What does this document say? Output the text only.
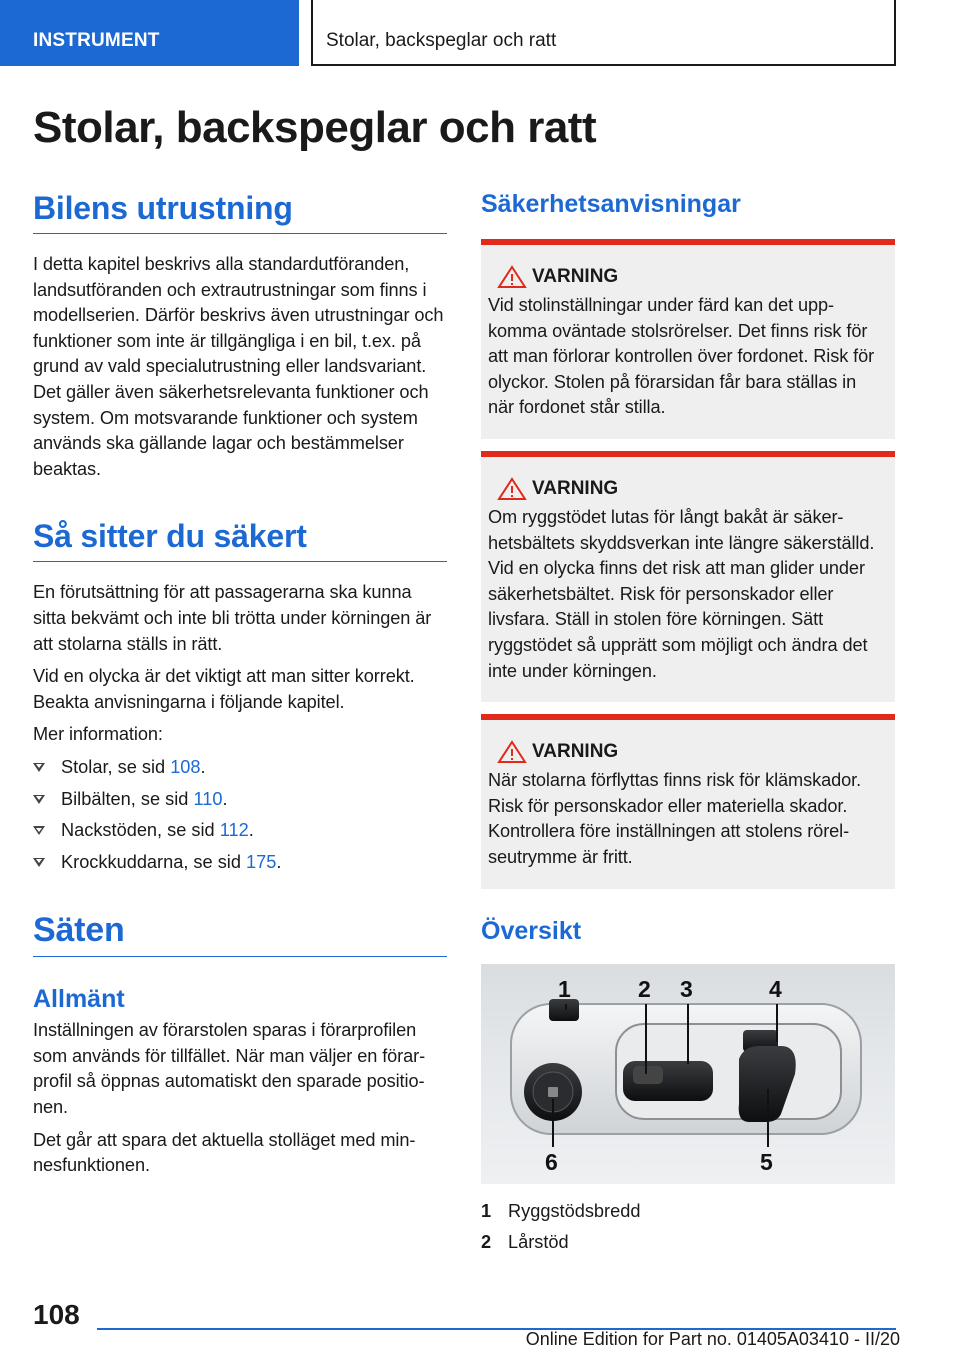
INSTRUMENT	Stolar, backspeglar och ratt
Stolar, backspeglar och ratt
Bilens utrustning

I detta kapitel beskrivs alla standardutföranden, landsutföranden och extrautrustningar som finns i modellserien. Därför beskrivs även utrustningar och funktioner som inte är tillgängliga i en bil, t.ex. på grund av vald specialutrustning eller landsvariant. Det gäller även säkerhetsrelevanta funktioner och system. Om motsvarande funktioner och system används ska gällande lagar och bestämmelser beaktas.

Så sitter du säkert

En förutsättning för att passagerarna ska kunna sitta bekvämt och inte bli trötta under körningen är att stolarna ställs in rätt.

Vid en olycka är det viktigt att man sitter korrekt. Beakta anvisningarna i följande kapitel.

Mer information:

Stolar, se sid 108.
Bilbälten, se sid 110.
Nackstöden, se sid 112.
Krockkuddarna, se sid 175.
Säten
Allmänt

Inställningen av förarstolen sparas i förarprofilen som används för tillfället. När man väljer en förarprofil så öppnas automatiskt den sparade positionen.

Det går att spara det aktuella stolläget med minnesfunktionen.

Säkerhetsanvisningar
VARNING

Vid stolinställningar under färd kan det uppkomma oväntade stolsrörelser. Det finns risk för att man förlorar kontrollen över fordonet. Risk för olyckor. Stolen på förarsidan får bara ställas in när fordonet står stilla.

VARNING

Om ryggstödet lutas för långt bakåt är säkerhetsbältets skyddsverkan inte längre säkerställd. Vid en olycka finns det risk att man glider under säkerhetsbältet. Risk för personskador eller livsfara. Ställ in stolen före körningen. Sätt ryggstödet så upprätt som möjligt och ändra det inte under körningen.

VARNING

När stolarna förflyttas finns risk för klämskador. Risk för personskador eller materiella skador. Kontrollera före inställningen att stolens rörelseutrymme är fritt.

Översikt
1	2 3	4
5
6
1 Ryggstödsbredd
2 Lårstöd
108
Online Edition for Part no. 01405A03410 - II/20
